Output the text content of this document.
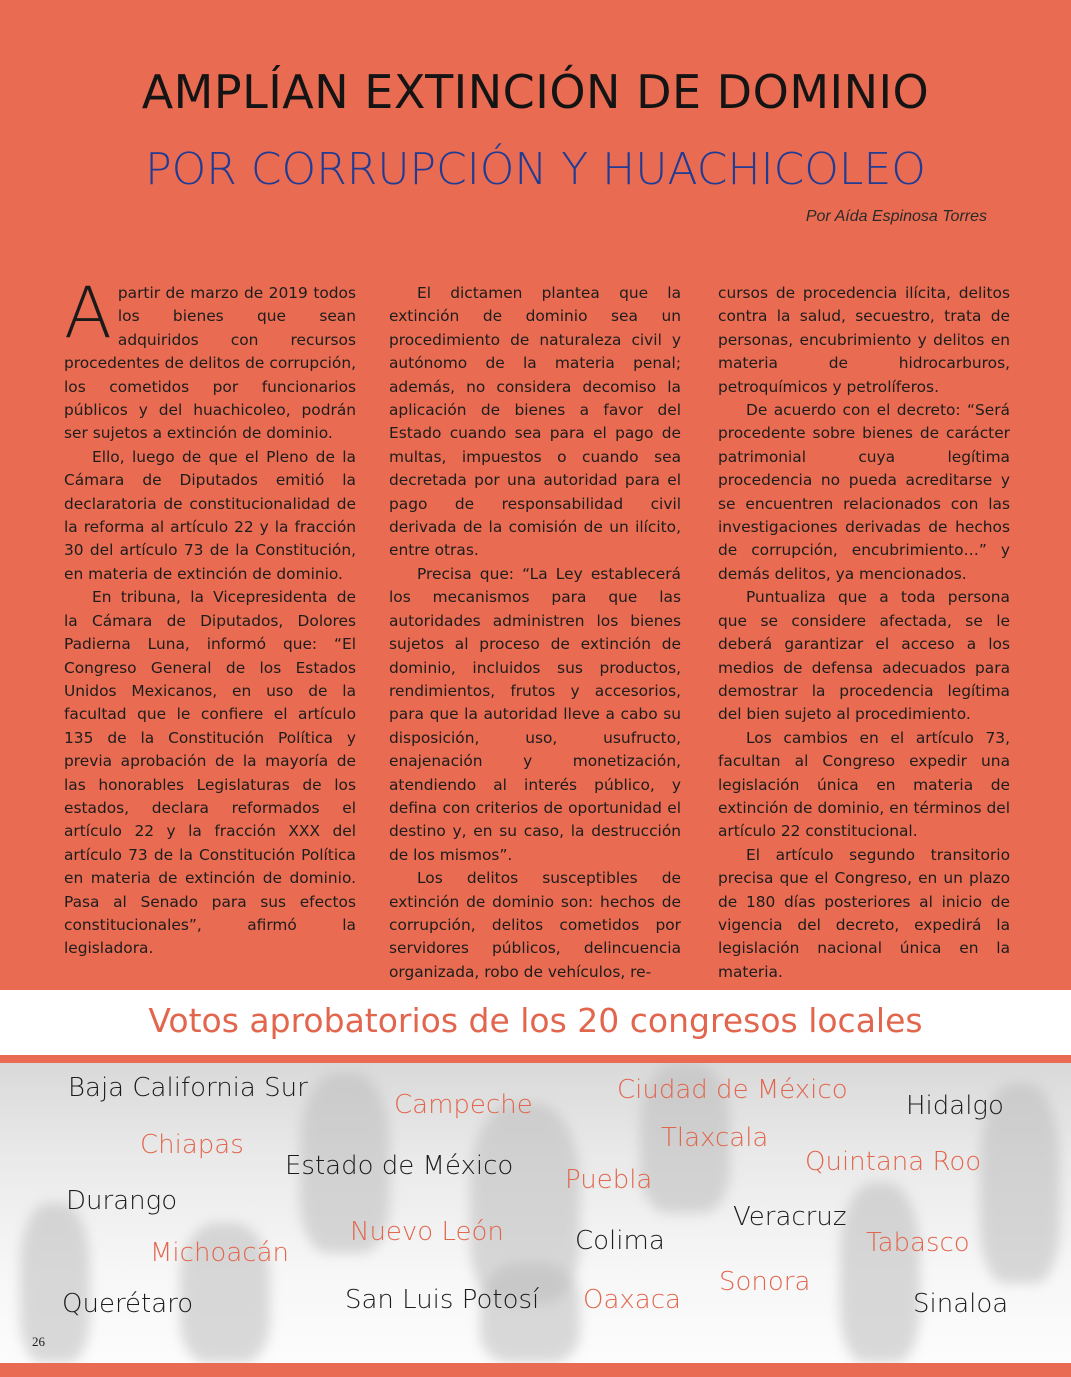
AMPLÍAN EXTINCIÓN DE DOMINIO
POR CORRUPCIÓN Y HUACHICOLEO
Por Aída Espinosa Torres

Apartir de marzo de 2019 todos los bienes que sean adquiridos con recursos procedentes de delitos de corrupción, los cometidos por funcionarios públicos y del huachicoleo, podrán ser sujetos a extinción de dominio.

Ello, luego de que el Pleno de la Cámara de Diputados emitió la declaratoria de constitucionalidad de la reforma al artículo 22 y la fracción 30 del artículo 73 de la Constitución, en materia de extinción de dominio.

En tribuna, la Vicepresidenta de la Cámara de Diputados, Dolores Padierna Luna, informó que: “El Congreso General de los Estados Unidos Mexicanos, en uso de la facultad que le confiere el artículo 135 de la Constitución Política y previa aprobación de la mayoría de las honorables Legislaturas de los estados, declara reformados el artículo 22 y la fracción XXX del artículo 73 de la Constitución Política en materia de extinción de dominio. Pasa al Senado para sus efectos constitucionales”, afirmó la legisladora.

El dictamen plantea que la extinción de dominio sea un procedimiento de naturaleza civil y autónomo de la materia penal; además, no considera decomiso la aplicación de bienes a favor del Estado cuando sea para el pago de multas, impuestos o cuando sea decretada por una autoridad para el pago de responsabilidad civil derivada de la comisión de un ilícito, entre otras.

Precisa que: “La Ley establecerá los mecanismos para que las autoridades administren los bienes sujetos al proceso de extinción de dominio, incluidos sus productos, rendimientos, frutos y accesorios, para que la autoridad lleve a cabo su disposición, uso, usufructo, enajenación y monetización, atendiendo al interés público, y defina con criterios de oportunidad el destino y, en su caso, la destrucción de los mismos”.

Los delitos susceptibles de extinción de dominio son: hechos de corrupción, delitos cometidos por servidores públicos, delincuencia organizada, robo de vehículos, re-

cursos de procedencia ilícita, delitos contra la salud, secuestro, trata de personas, encubrimiento y delitos en materia de hidrocarburos, petroquímicos y petrolíferos.

De acuerdo con el decreto: “Será procedente sobre bienes de carácter patrimonial cuya legítima procedencia no pueda acreditarse y se encuentren relacionados con las investigaciones derivadas de hechos de corrupción, encubrimiento…” y demás delitos, ya mencionados.

Puntualiza que a toda persona que se considere afectada, se le deberá garantizar el acceso a los medios de defensa adecuados para demostrar la procedencia legítima del bien sujeto al procedimiento.

Los cambios en el artículo 73, facultan al Congreso expedir una legislación única en materia de extinción de dominio, en términos del artículo 22 constitucional.

El artículo segundo transitorio precisa que el Congreso, en un plazo de 180 días posteriores al inicio de vigencia del decreto, expedirá la legislación nacional única en la materia.

Votos aprobatorios de los 20 congresos locales
Baja California Sur
Campeche	Ciudad de México
Hidalgo
Chiapas
Estado de México
Tlaxcala
Quintana Roo
Puebla
Durango
Veracruz
Nuevo León	Colima	Tabasco
Michoacán
Sonora
Querétaro	San Luis Potosí Oaxaca	Sinaloa
26
